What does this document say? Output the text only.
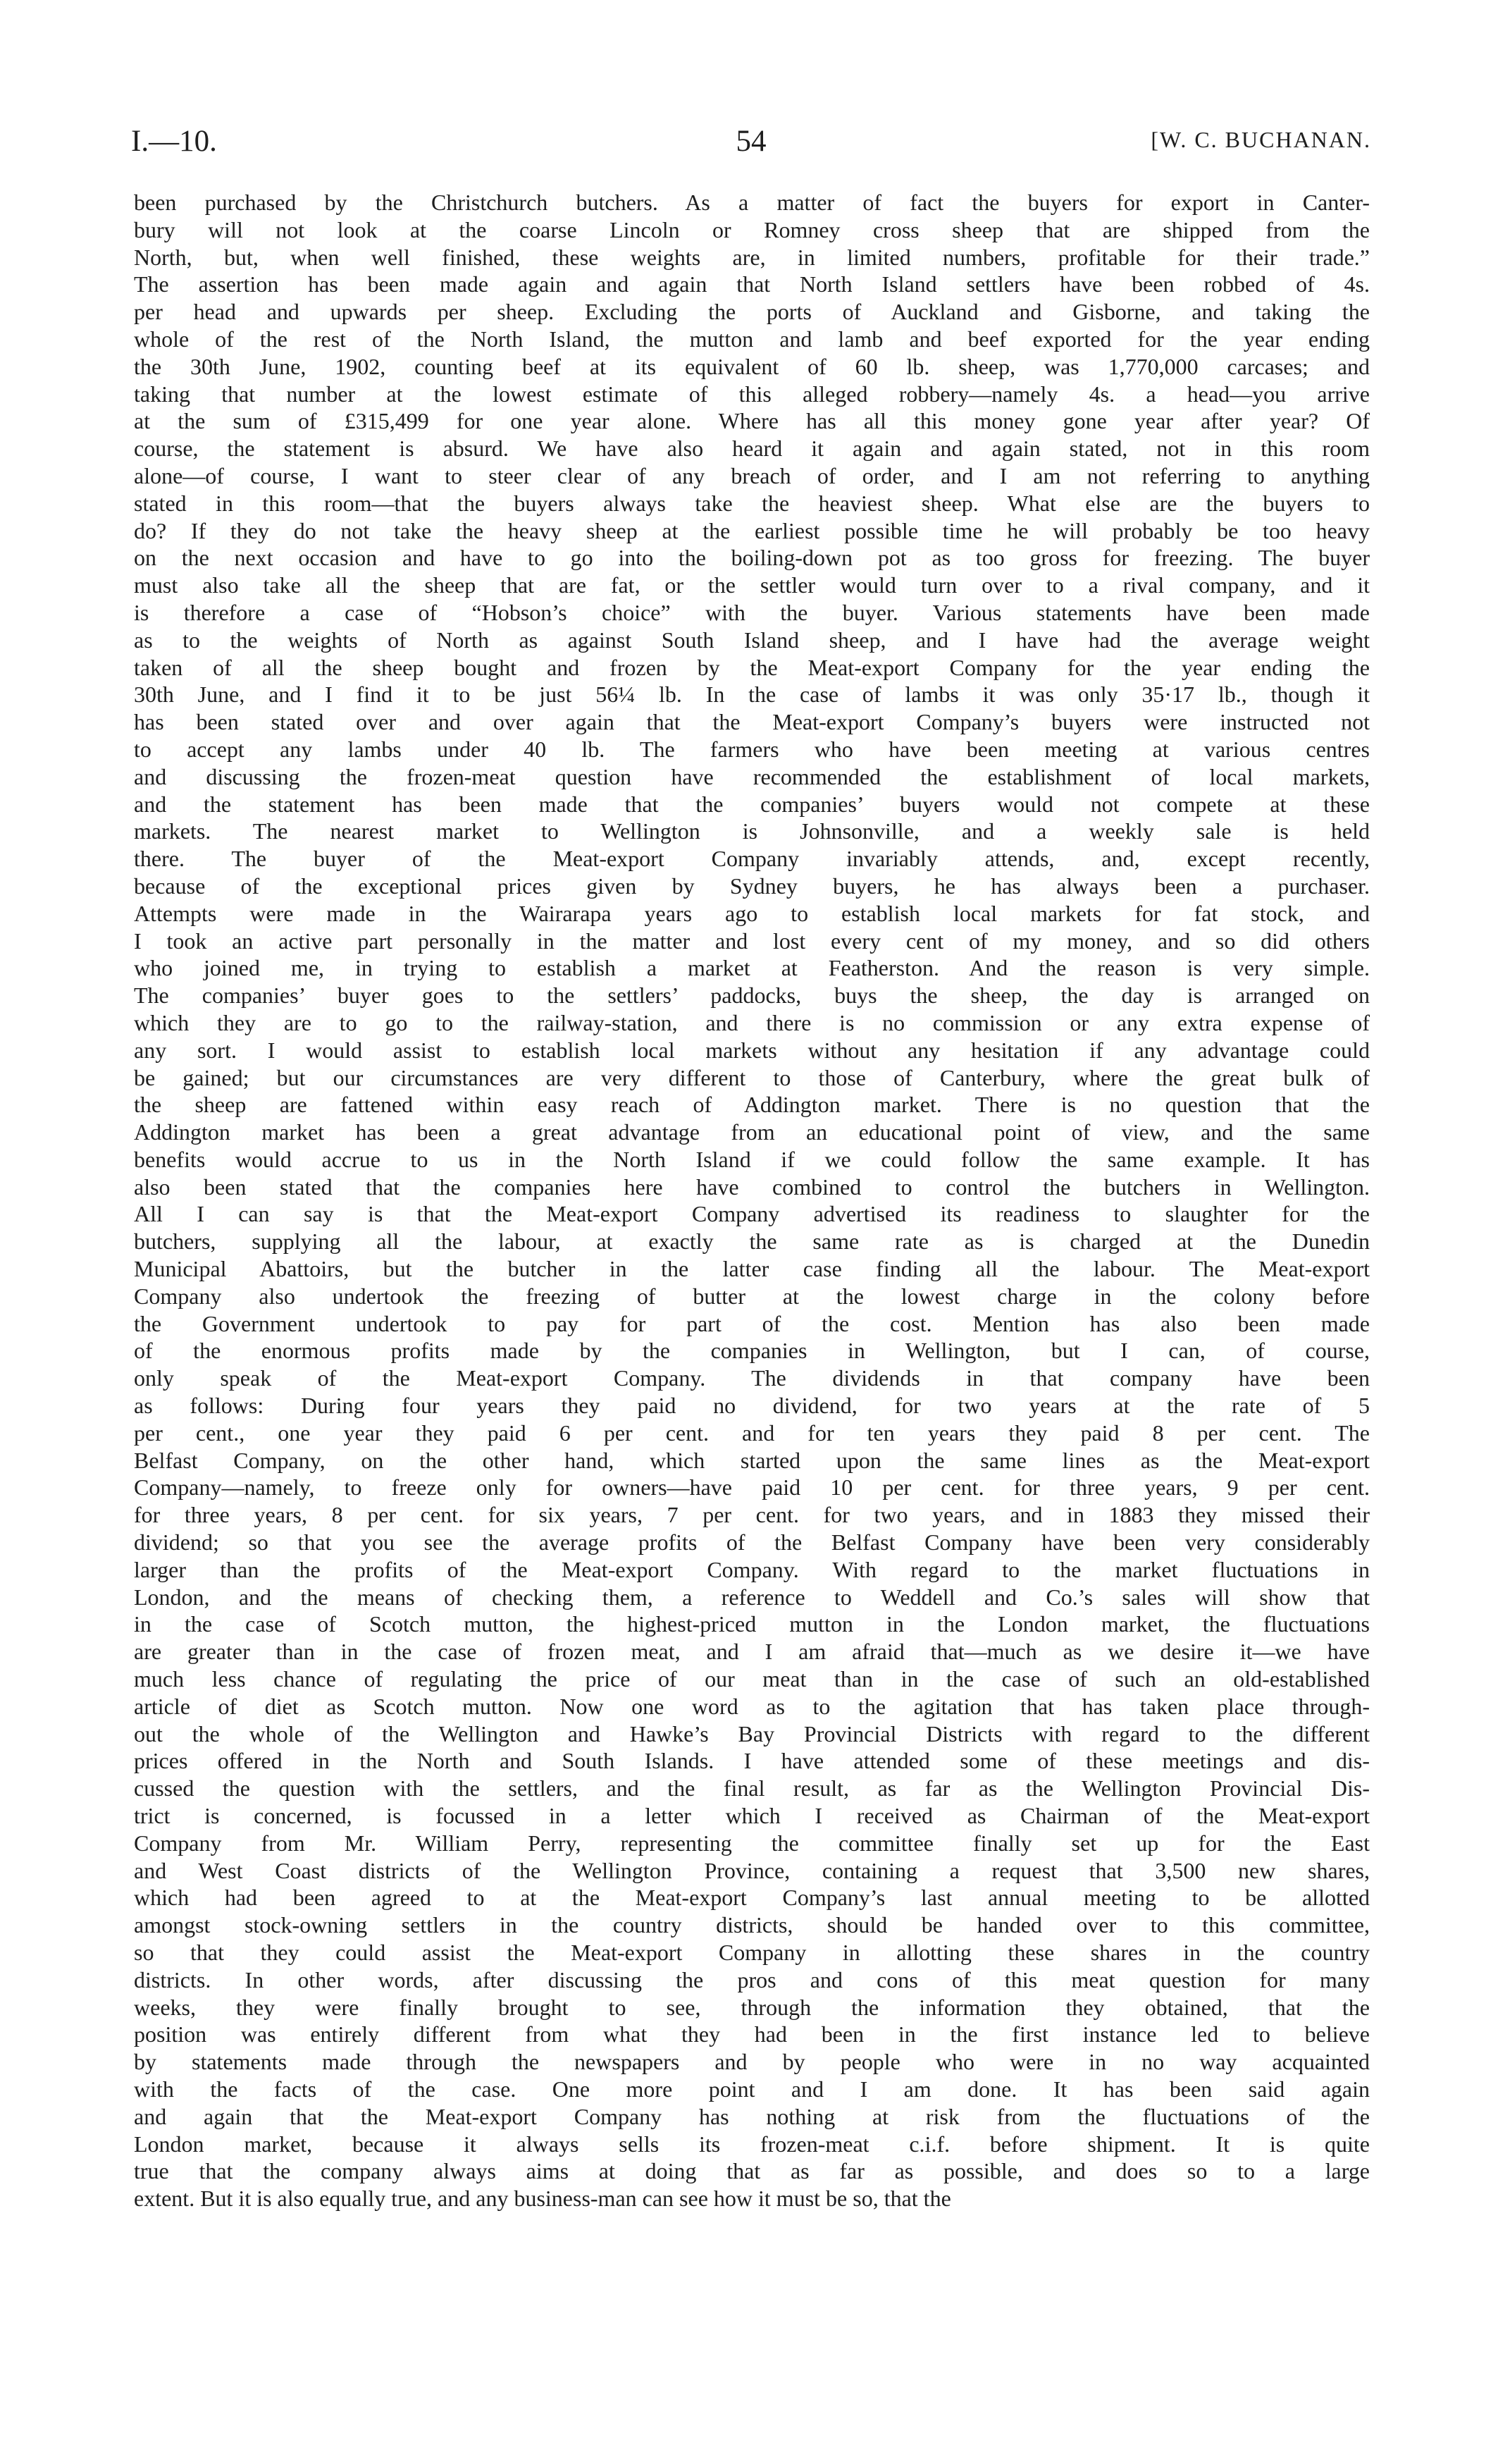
I.—10.	54	[W. C. BUCHANAN.
been purchased by the Christchurch butchers. As a matter of fact the buyers for export in Canter-
bury will not look at the coarse Lincoln or Romney cross sheep that are shipped from the
North, but, when well finished, these weights are, in limited numbers, profitable for their trade.”
The assertion has been made again and again that North Island settlers have been robbed of 4s.
per head and upwards per sheep. Excluding the ports of Auckland and Gisborne, and taking the
whole of the rest of the North Island, the mutton and lamb and beef exported for the year ending
the 30th June, 1902, counting beef at its equivalent of 60 lb. sheep, was 1,770,000 carcases; and
taking that number at the lowest estimate of this alleged robbery—namely 4s. a head—you arrive
at the sum of £315,499 for one year alone. Where has all this money gone year after year? Of
course, the statement is absurd. We have also heard it again and again stated, not in this room
alone—of course, I want to steer clear of any breach of order, and I am not referring to anything
stated in this room—that the buyers always take the heaviest sheep. What else are the buyers to
do? If they do not take the heavy sheep at the earliest possible time he will probably be too heavy
on the next occasion and have to go into the boiling-down pot as too gross for freezing. The buyer
must also take all the sheep that are fat, or the settler would turn over to a rival company, and it
is therefore a case of “Hobson’s choice” with the buyer. Various statements have been made
as to the weights of North as against South Island sheep, and I have had the average weight
taken of all the sheep bought and frozen by the Meat-export Company for the year ending the
30th June, and I find it to be just 56¼ lb. In the case of lambs it was only 35·17 lb., though it
has been stated over and over again that the Meat-export Company’s buyers were instructed not
to accept any lambs under 40 lb. The farmers who have been meeting at various centres
and discussing the frozen-meat question have recommended the establishment of local markets,
and the statement has been made that the companies’ buyers would not compete at these
markets. The nearest market to Wellington is Johnsonville, and a weekly sale is held
there. The buyer of the Meat-export Company invariably attends, and, except recently,
because of the exceptional prices given by Sydney buyers, he has always been a purchaser.
Attempts were made in the Wairarapa years ago to establish local markets for fat stock, and
I took an active part personally in the matter and lost every cent of my money, and so did others
who joined me, in trying to establish a market at Featherston. And the reason is very simple.
The companies’ buyer goes to the settlers’ paddocks, buys the sheep, the day is arranged on
which they are to go to the railway-station, and there is no commission or any extra expense of
any sort. I would assist to establish local markets without any hesitation if any advantage could
be gained; but our circumstances are very different to those of Canterbury, where the great bulk of
the sheep are fattened within easy reach of Addington market. There is no question that the
Addington market has been a great advantage from an educational point of view, and the same
benefits would accrue to us in the North Island if we could follow the same example. It has
also been stated that the companies here have combined to control the butchers in Wellington.
All I can say is that the Meat-export Company advertised its readiness to slaughter for the
butchers, supplying all the labour, at exactly the same rate as is charged at the Dunedin
Municipal Abattoirs, but the butcher in the latter case finding all the labour. The Meat-export
Company also undertook the freezing of butter at the lowest charge in the colony before
the Government undertook to pay for part of the cost. Mention has also been made
of the enormous profits made by the companies in Wellington, but I can, of course,
only speak of the Meat-export Company. The dividends in that company have been
as follows: During four years they paid no dividend, for two years at the rate of 5
per cent., one year they paid 6 per cent. and for ten years they paid 8 per cent. The
Belfast Company, on the other hand, which started upon the same lines as the Meat-export
Company—namely, to freeze only for owners—have paid 10 per cent. for three years, 9 per cent.
for three years, 8 per cent. for six years, 7 per cent. for two years, and in 1883 they missed their
dividend; so that you see the average profits of the Belfast Company have been very considerably
larger than the profits of the Meat-export Company. With regard to the market fluctuations in
London, and the means of checking them, a reference to Weddell and Co.’s sales will show that
in the case of Scotch mutton, the highest-priced mutton in the London market, the fluctuations
are greater than in the case of frozen meat, and I am afraid that—much as we desire it—we have
much less chance of regulating the price of our meat than in the case of such an old-established
article of diet as Scotch mutton. Now one word as to the agitation that has taken place through-
out the whole of the Wellington and Hawke’s Bay Provincial Districts with regard to the different
prices offered in the North and South Islands. I have attended some of these meetings and dis-
cussed the question with the settlers, and the final result, as far as the Wellington Provincial Dis-
trict is concerned, is focussed in a letter which I received as Chairman of the Meat-export
Company from Mr. William Perry, representing the committee finally set up for the East
and West Coast districts of the Wellington Province, containing a request that 3,500 new shares,
which had been agreed to at the Meat-export Company’s last annual meeting to be allotted
amongst stock-owning settlers in the country districts, should be handed over to this committee,
so that they could assist the Meat-export Company in allotting these shares in the country
districts. In other words, after discussing the pros and cons of this meat question for many
weeks, they were finally brought to see, through the information they obtained, that the
position was entirely different from what they had been in the first instance led to believe
by statements made through the newspapers and by people who were in no way acquainted
with the facts of the case. One more point and I am done. It has been said again
and again that the Meat-export Company has nothing at risk from the fluctuations of the
London market, because it always sells its frozen-meat c.i.f. before shipment. It is quite
true that the company always aims at doing that as far as possible, and does so to a large
extent. But it is also equally true, and any business-man can see how it must be so, that the
